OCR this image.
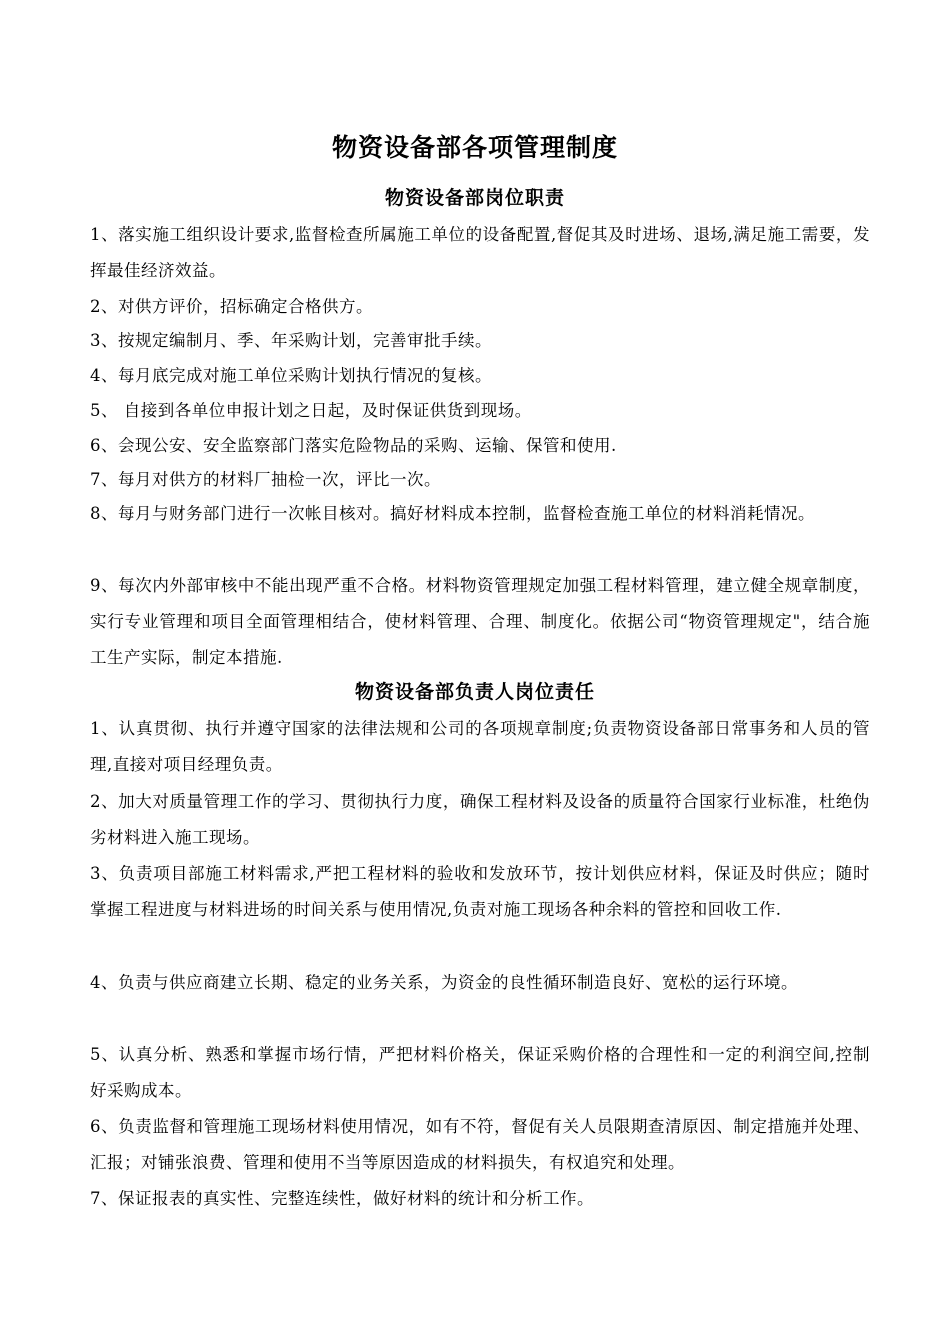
物资设备部各项管理制度
物资设备部岗位职责
1、落实施工组织设计要求,监督检查所属施工单位的设备配置,督促其及时进场、退场,满足施工需要，发挥最佳经济效益。
2、对供方评价，招标确定合格供方。
3、按规定编制月、季、年采购计划，完善审批手续。
4、每月底完成对施工单位采购计划执行情况的复核。
5、 自接到各单位申报计划之日起，及时保证供货到现场。
6、会现公安、安全监察部门落实危险物品的采购、运输、保管和使用.
7、每月对供方的材料厂抽检一次，评比一次。
8、每月与财务部门进行一次帐目核对。搞好材料成本控制，监督检查施工单位的材料消耗情况。
9、每次内外部审核中不能出现严重不合格。材料物资管理规定加强工程材料管理，建立健全规章制度，实行专业管理和项目全面管理相结合，使材料管理、合理、制度化。依据公司“物资管理规定"，结合施工生产实际，制定本措施.
物资设备部负责人岗位责任
1、认真贯彻、执行并遵守国家的法律法规和公司的各项规章制度;负责物资设备部日常事务和人员的管理,直接对项目经理负责。
2、加大对质量管理工作的学习、贯彻执行力度，确保工程材料及设备的质量符合国家行业标准，杜绝伪劣材料进入施工现场。
3、负责项目部施工材料需求,严把工程材料的验收和发放环节，按计划供应材料，保证及时供应；随时掌握工程进度与材料进场的时间关系与使用情况,负责对施工现场各种余料的管控和回收工作.
4、负责与供应商建立长期、稳定的业务关系，为资金的良性循环制造良好、宽松的运行环境。
5、认真分析、熟悉和掌握市场行情，严把材料价格关，保证采购价格的合理性和一定的利润空间,控制好采购成本。
6、负责监督和管理施工现场材料使用情况，如有不符，督促有关人员限期查清原因、制定措施并处理、汇报；对铺张浪费、管理和使用不当等原因造成的材料损失，有权追究和处理。
7、保证报表的真实性、完整连续性，做好材料的统计和分析工作。
